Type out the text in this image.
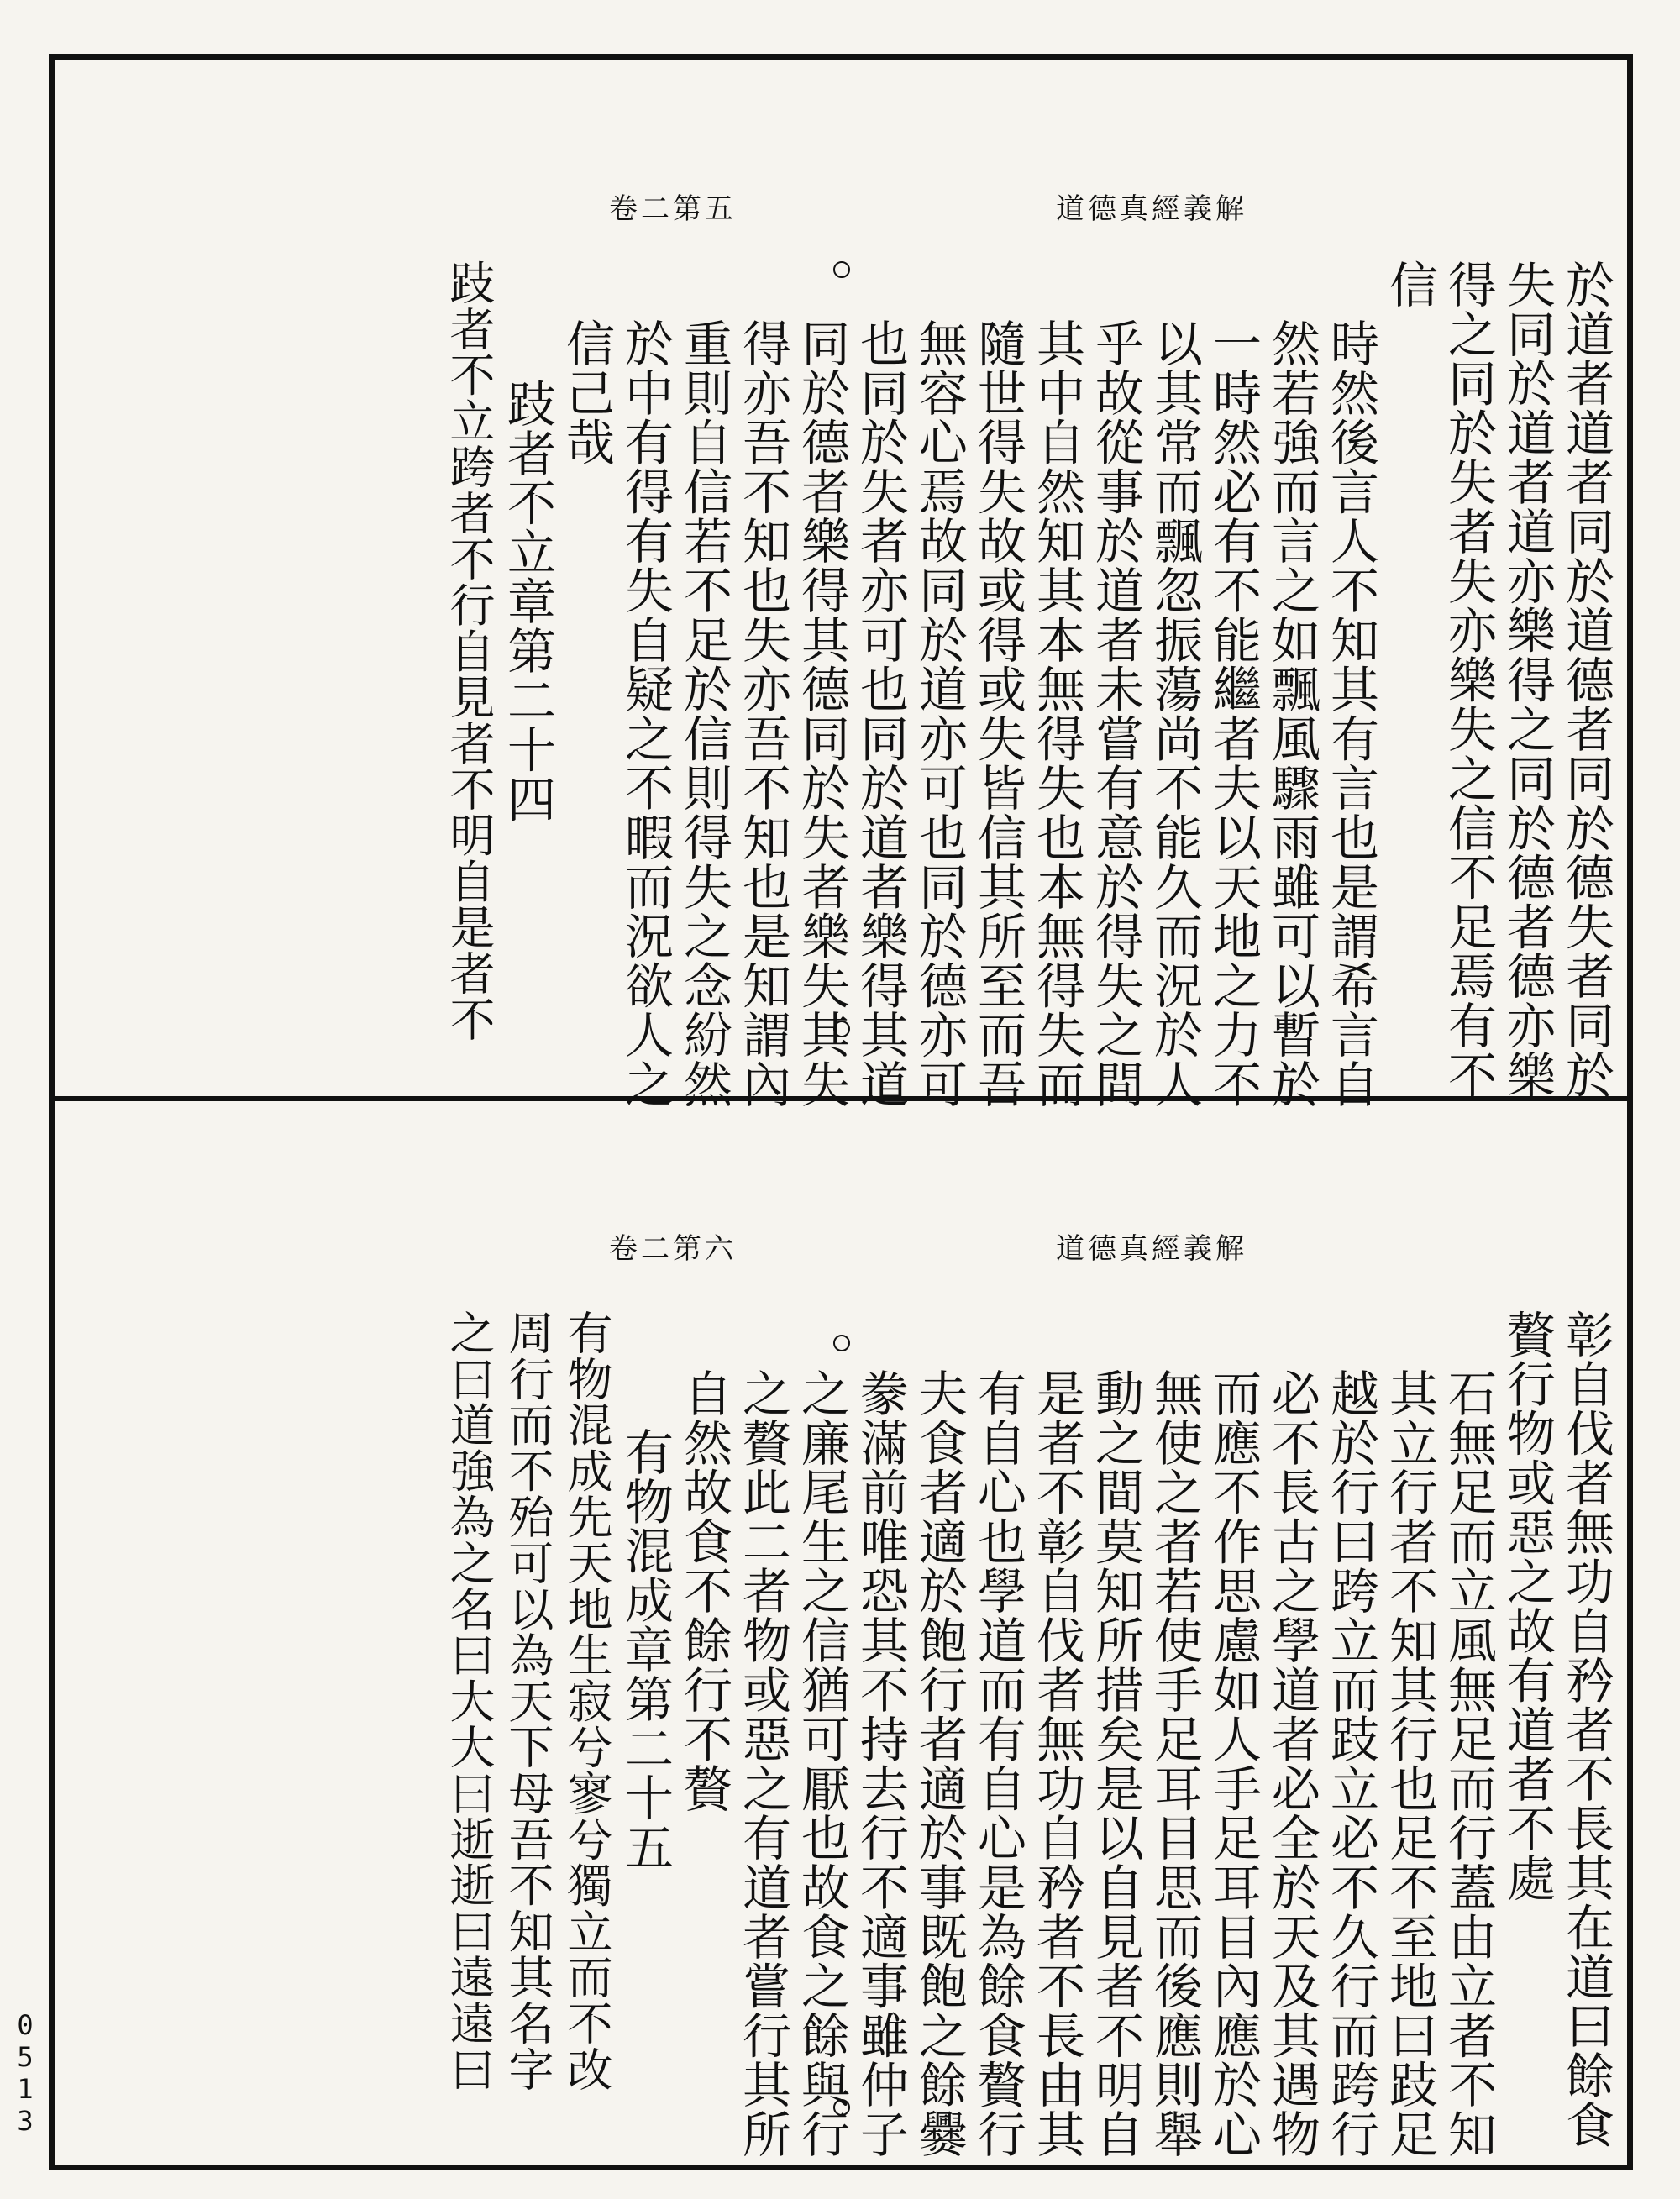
卷二第五	道德真經義解
於道者道者同於道德者同於德失者同於
失同於道者道亦樂得之同於德者德亦樂
得之同於失者失亦樂失之信不足焉有不
信
時然後言人不知其有言也是謂希言自
然若強而言之如飄風驟雨雖可以暫於
一時然必有不能繼者夫以天地之力不
以其常而飄忽振蕩尚不能久而況於人
乎故從事於道者未嘗有意於得失之間
其中自然知其本無得失也本無得失而
隨世得失故或得或失皆信其所至而吾
無容心焉故同於道亦可也同於德亦可
也同於失者亦可也同於道者樂得其道
同於德者樂得其德同於失者樂失其失
得亦吾不知也失亦吾不知也是知謂內
重則自信若不足於信則得失之念紛然
於中有得有失自疑之不暇而況欲人之
信己哉
跂者不立章第二十四
跂者不立跨者不行自見者不明自是者不
卷二第六	道德真經義解
彰自伐者無功自矜者不長其在道曰餘食
贅行物或惡之故有道者不處
石無足而立風無足而行蓋由立者不知
其立行者不知其行也足不至地曰跂足
越於行曰跨立而跂立必不久行而跨行
必不長古之學道者必全於天及其遇物
而應不作思慮如人手足耳目內應於心
無使之者若使手足耳目思而後應則舉
動之間莫知所措矣是以自見者不明自
是者不彰自伐者無功自矜者不長由其
有自心也學道而有自心是為餘食贅行
夫食者適於飽行者適於事既飽之餘爨
豢滿前唯恐其不持去行不適事雖仲子
之廉尾生之信猶可厭也故食之餘與行
之贅此二者物或惡之有道者嘗行其所
自然故食不餘行不贅
有物混成章第二十五
有物混成先天地生寂兮寥兮獨立而不改
周行而不殆可以為天下母吾不知其名字
之曰道強為之名曰大大曰逝逝曰遠遠曰
0513
